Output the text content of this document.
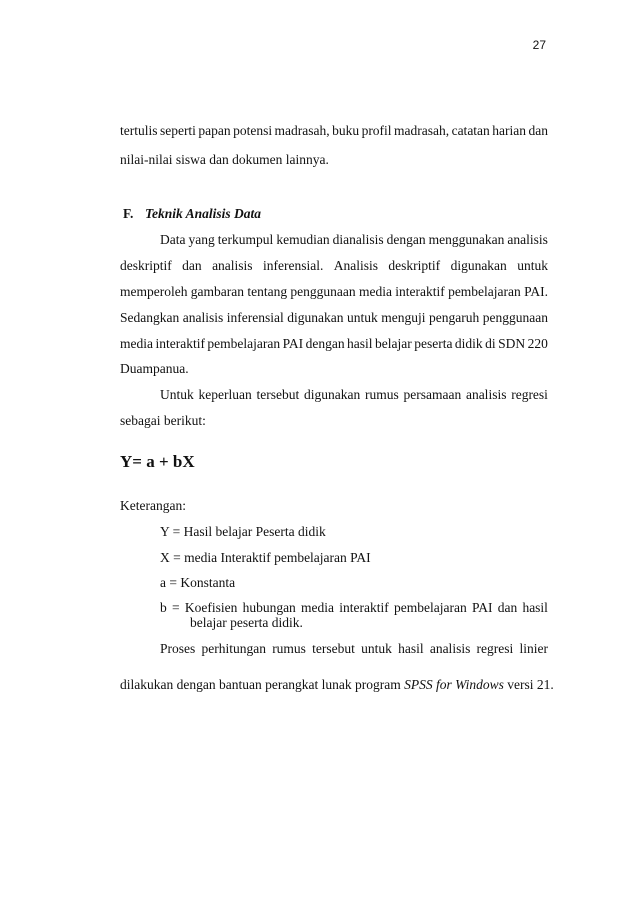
27
tertulis seperti papan potensi madrasah, buku profil madrasah, catatan harian dan
nilai-nilai siswa dan dokumen lainnya.
F. Teknik Analisis Data
Data yang terkumpul kemudian dianalisis dengan menggunakan analisis
deskriptif dan analisis inferensial. Analisis deskriptif digunakan untuk
memperoleh gambaran tentang penggunaan media interaktif pembelajaran PAI.
Sedangkan analisis inferensial digunakan untuk menguji pengaruh penggunaan
media interaktif pembelajaran PAI dengan hasil belajar peserta didik di SDN 220
Duampanua.
Untuk keperluan tersebut digunakan rumus persamaan analisis regresi
sebagai berikut:
Y= a + bX
Keterangan:
Y = Hasil belajar Peserta didik
X = media Interaktif pembelajaran PAI
a = Konstanta
b = Koefisien hubungan media interaktif pembelajaran PAI dan hasil
belajar peserta didik.
Proses perhitungan rumus tersebut untuk hasil analisis regresi linier
dilakukan dengan bantuan perangkat lunak program SPSS for Windows versi 21.
